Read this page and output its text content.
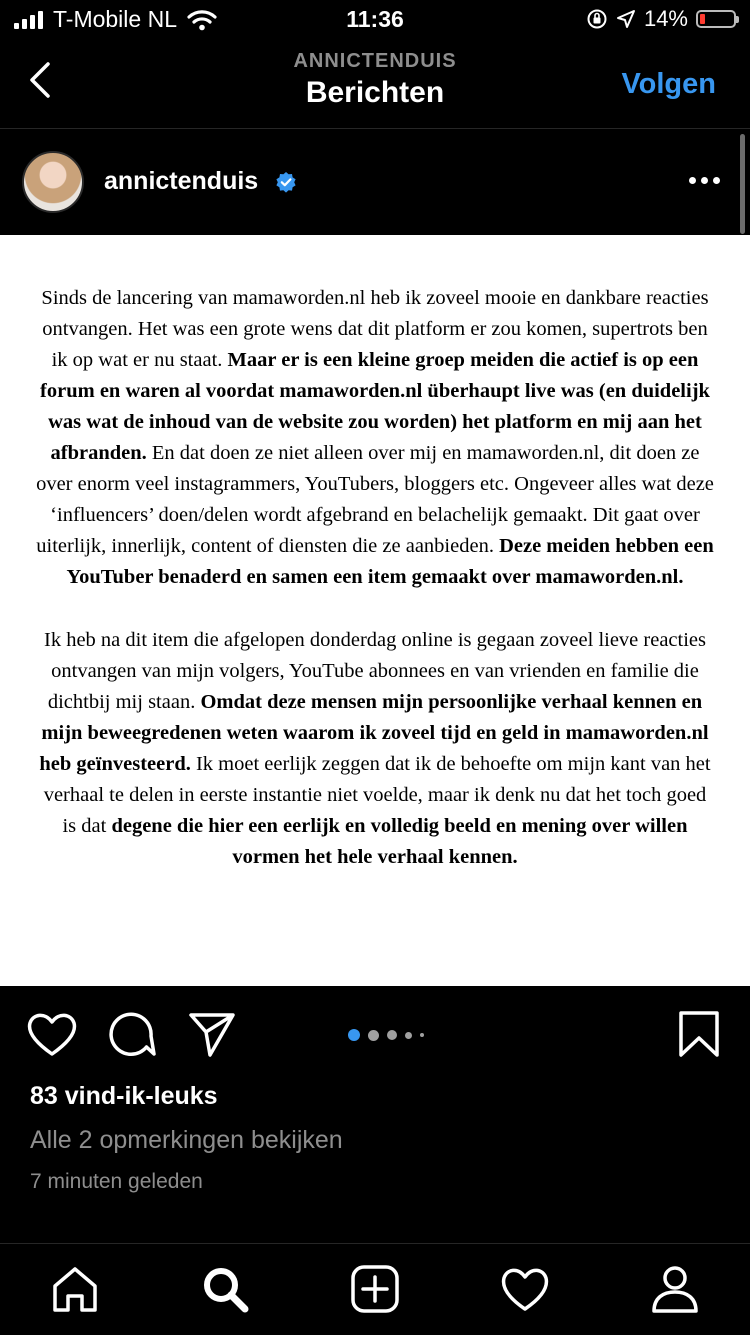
T-Mobile NL	11:36	14%
ANNICTENDUIS
Berichten	Volgen
annictenduis

Sinds de lancering van mamaworden.nl heb ik zoveel mooie en dankbare reacties ontvangen. Het was een grote wens dat dit platform er zou komen, supertrots ben ik op wat er nu staat. Maar er is een kleine groep meiden die actief is op een forum en waren al voordat mamaworden.nl überhaupt live was (en duidelijk was wat de inhoud van de website zou worden) het platform en mij aan het afbranden. En dat doen ze niet alleen over mij en mamaworden.nl, dit doen ze over enorm veel instagrammers, YouTubers, bloggers etc. Ongeveer alles wat deze ‘influencers’ doen/delen wordt afgebrand en belachelijk gemaakt. Dit gaat over uiterlijk, innerlijk, content of diensten die ze aanbieden. Deze meiden hebben een YouTuber benaderd en samen een item gemaakt over mamaworden.nl.

Ik heb na dit item die afgelopen donderdag online is gegaan zoveel lieve reacties ontvangen van mijn volgers, YouTube abonnees en van vrienden en familie die dichtbij mij staan. Omdat deze mensen mijn persoonlijke verhaal kennen en mijn beweegredenen weten waarom ik zoveel tijd en geld in mamaworden.nl heb geïnvesteerd. Ik moet eerlijk zeggen dat ik de behoefte om mijn kant van het verhaal te delen in eerste instantie niet voelde, maar ik denk nu dat het toch goed is dat degene die hier een eerlijk en volledig beeld en mening over willen vormen het hele verhaal kennen.

83 vind-ik-leuks
Alle 2 opmerkingen bekijken
7 minuten geleden
